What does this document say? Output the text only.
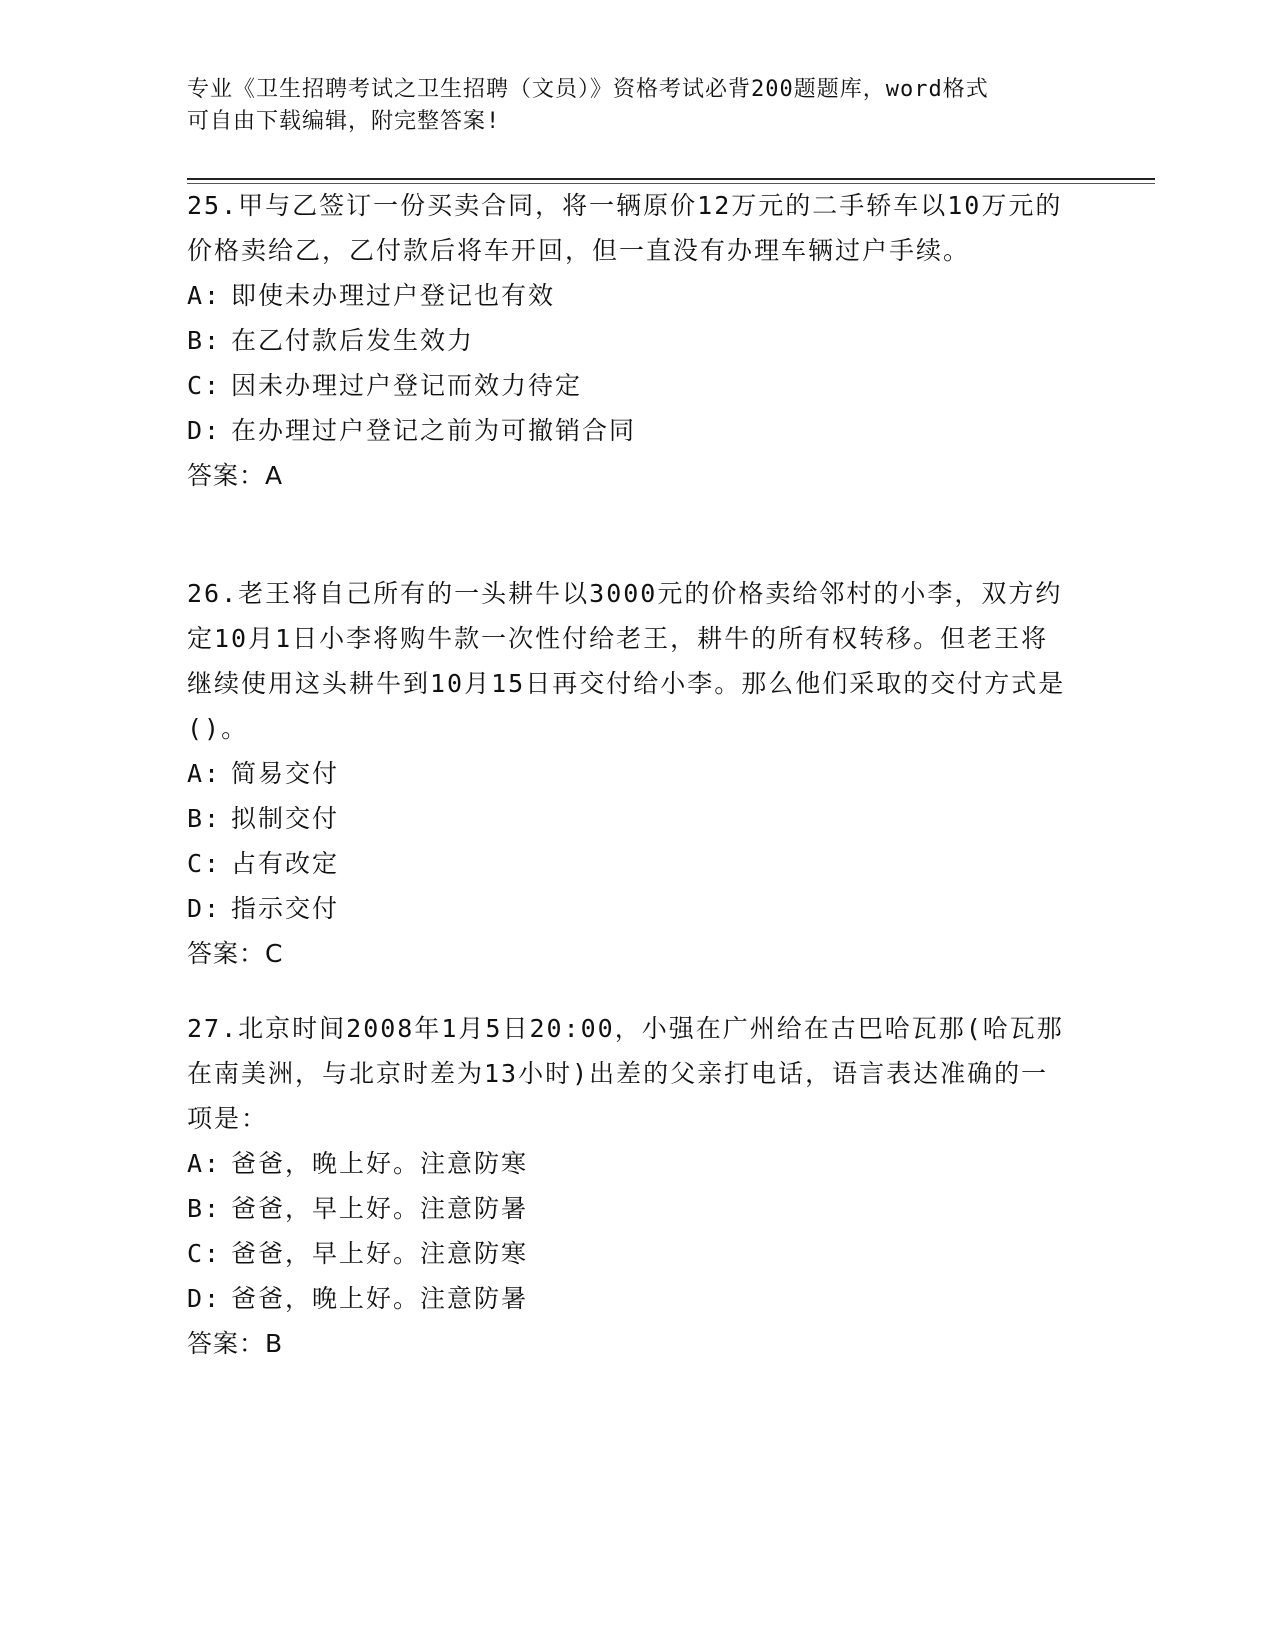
专业《卫生招聘考试之卫生招聘（文员）》资格考试必背200题题库，word格式

可自由下载编辑，附完整答案!

25.甲与乙签订一份买卖合同，将一辆原价12万元的二手轿车以10万元的价格卖给乙，乙付款后将车开回，但一直没有办理车辆过户手续。

A: 即使未办理过户登记也有效

B: 在乙付款后发生效力

C: 因未办理过户登记而效力待定

D: 在办理过户登记之前为可撤销合同

答案：A

26.老王将自己所有的一头耕牛以3000元的价格卖给邻村的小李，双方约定10月1日小李将购牛款一次性付给老王，耕牛的所有权转移。但老王将继续使用这头耕牛到10月15日再交付给小李。那么他们采取的交付方式是()。

A: 简易交付

B: 拟制交付

C: 占有改定

D: 指示交付

答案：C

27.北京时间2008年1月5日20:00，小强在广州给在古巴哈瓦那(哈瓦那在南美洲，与北京时差为13小时)出差的父亲打电话，语言表达准确的一项是：

A: 爸爸，晚上好。注意防寒

B: 爸爸，早上好。注意防暑

C: 爸爸，早上好。注意防寒

D: 爸爸，晚上好。注意防暑

答案：B
